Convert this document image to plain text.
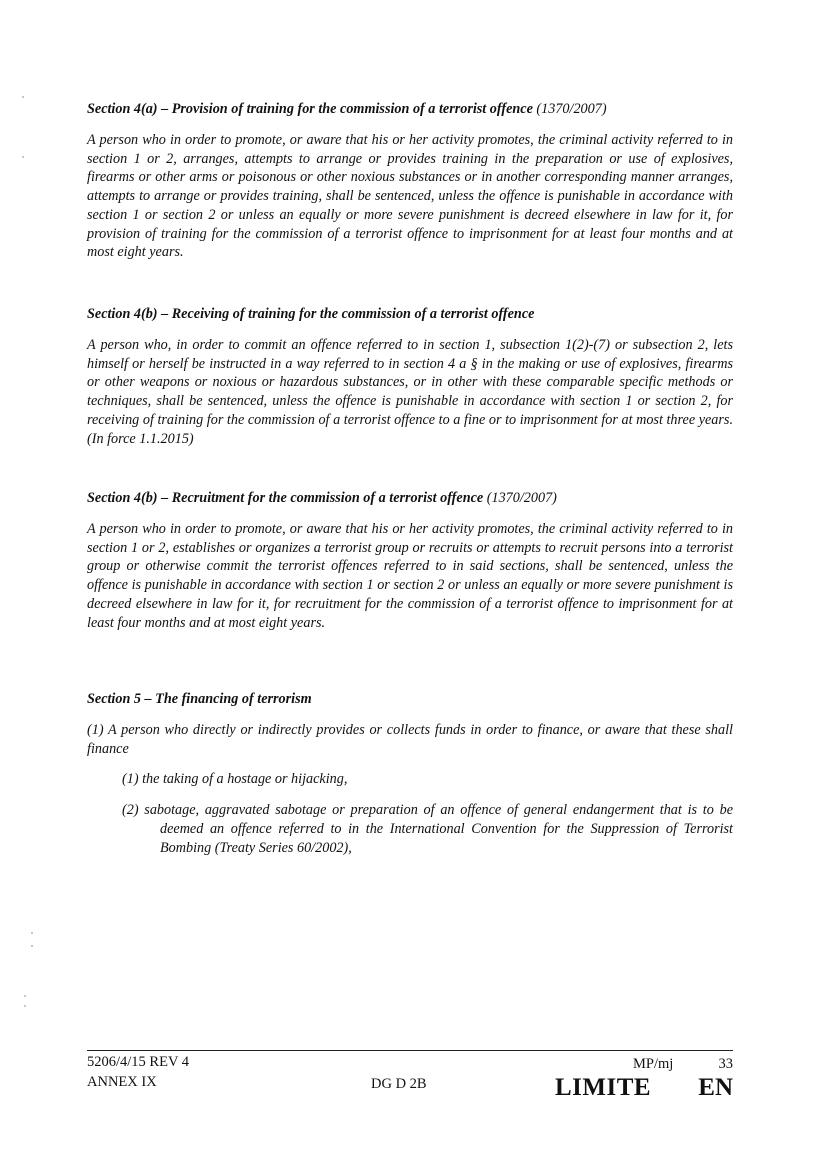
Section 4(a) – Provision of training for the commission of a terrorist offence (1370/2007)

A person who in order to promote, or aware that his or her activity promotes, the criminal activity referred to in section 1 or 2, arranges, attempts to arrange or provides training in the preparation or use of explosives, firearms or other arms or poisonous or other noxious substances or in another corresponding manner arranges, attempts to arrange or provides training, shall be sentenced, unless the offence is punishable in accordance with section 1 or section 2 or unless an equally or more severe punishment is decreed elsewhere in law for it, for provision of training for the commission of a terrorist offence to imprisonment for at least four months and at most eight years.

Section 4(b) – Receiving of training for the commission of a terrorist offence

A person who, in order to commit an offence referred to in section 1, subsection 1(2)-(7) or subsection 2, lets himself or herself be instructed in a way referred to in section 4 a § in the making or use of explosives, firearms or other weapons or noxious or hazardous substances, or in other with these comparable specific methods or techniques, shall be sentenced, unless the offence is punishable in accordance with section 1 or section 2, for receiving of training for the commission of a terrorist offence to a fine or to imprisonment for at most three years. (In force 1.1.2015)

Section 4(b) – Recruitment for the commission of a terrorist offence (1370/2007)

A person who in order to promote, or aware that his or her activity promotes, the criminal activity referred to in section 1 or 2, establishes or organizes a terrorist group or recruits or attempts to recruit persons into a terrorist group or otherwise commit the terrorist offences referred to in said sections, shall be sentenced, unless the offence is punishable in accordance with section 1 or section 2 or unless an equally or more severe punishment is decreed elsewhere in law for it, for recruitment for the commission of a terrorist offence to imprisonment for at least four months and at most eight years.

Section 5 – The financing of terrorism

(1) A person who directly or indirectly provides or collects funds in order to finance, or aware that these shall finance

(1) the taking of a hostage or hijacking,

(2) sabotage, aggravated sabotage or preparation of an offence of general endangerment that is to be deemed an offence referred to in the International Convention for the Suppression of Terrorist Bombing (Treaty Series 60/2002),

5206/4/15 REV 4
ANNEX IX	DG D 2B
MP/mj	33
LIMITE EN
